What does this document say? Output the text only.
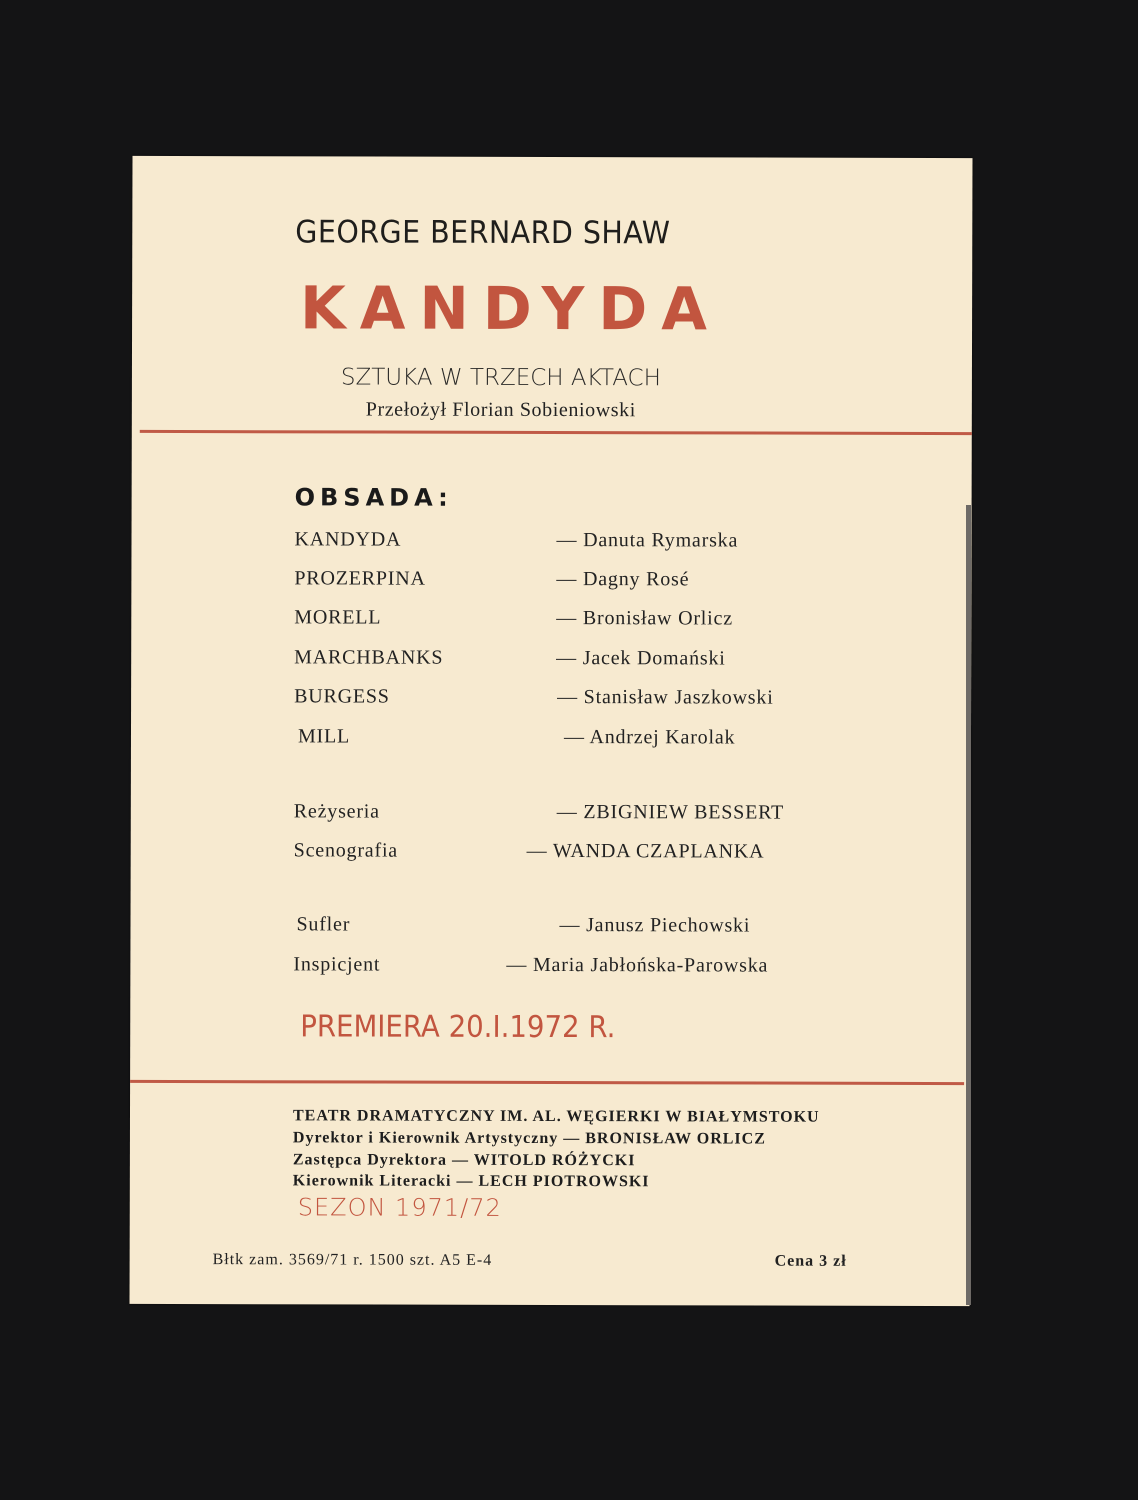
GEORGE BERNARD SHAW
KANDYDA
SZTUKA W TRZECH AKTACH
Przełożył Florian Sobieniowski
OBSADA:
KANDYDA	— Danuta Rymarska
PROZERPINA	— Dagny Rosé
MORELL	— Bronisław Orlicz
MARCHBANKS	— Jacek Domański
BURGESS	— Stanisław Jaszkowski
MILL	— Andrzej Karolak
Reżyseria	— ZBIGNIEW BESSERT
Scenografia	— WANDA CZAPLANKA
Sufler	— Janusz Piechowski
Inspicjent	— Maria Jabłońska-Parowska
PREMIERA 20.I.1972 R.
TEATR DRAMATYCZNY IM. AL. WĘGIERKI W BIAŁYMSTOKU
Dyrektor i Kierownik Artystyczny — BRONISŁAW ORLICZ
Zastępca Dyrektora — WITOLD RÓŻYCKI
Kierownik Literacki — LECH PIOTROWSKI
SEZON 1971/72
Błtk zam. 3569/71 r. 1500 szt. A5 E-4	Cena 3 zł
